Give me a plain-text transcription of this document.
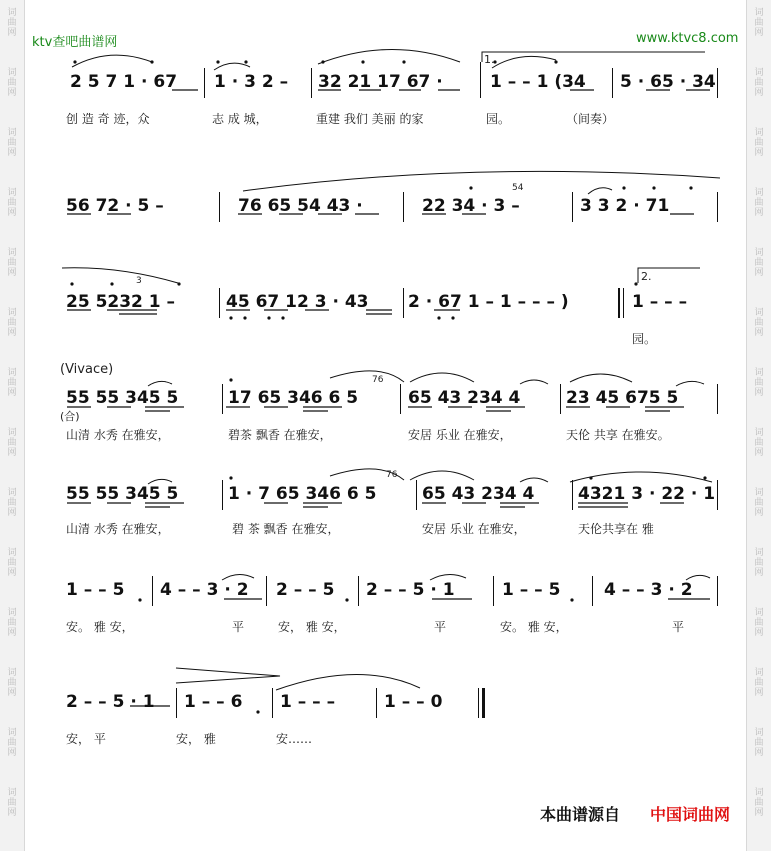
词
曲
网
词
曲
网
词
曲
网
词
曲
网
词
曲
网
词
曲
网
词
曲
网
词
曲
网
词
曲
网
词
曲
网
词
曲
网
词
曲
网
词
曲
网
词
曲
网
词
曲
网
词
曲
网
词
曲
网
词
曲
网
词
曲
网
词
曲
网
词
曲
网
词
曲
网
词
曲
网
词
曲
网
词
曲
网
词
曲
网
词
曲
网
词
曲
网
ktv查吧曲谱网	www.ktvc8.com
1.
2.
2 5 7 1 · 67 1 · 3 2 – 32 21 17 67 ·	1 – – 1 (34 5 · 65 · 34
创 造 奇 迹，众	志 成 城，	重建 我们 美丽 的家	园。	（间奏）
56 72 · 5 –	76 65 54 43 ·	22 34 · 3 –	3 3 2 · 71
54
25 5232 1 –	45 67 12 3 · 43 2 · 67 1 – 1 – – – )	1 – – –
3
园。
(Vivace)
55 55 345 5	17 65 346 6 5	65 43 234 4	23 45 675 5
76
(合)
山清 水秀 在雅安，	碧茶 飘香 在雅安，	安居 乐业 在雅安，	天伦 共享 在雅安。
55 55 345 5	1 · 7 65 346 6 5	65 43 234 4	4321 3 · 22 · 1
76
山清 水秀 在雅安，	碧 茶 飘香 在雅安，	安居 乐业 在雅安，	天伦共享在 雅
1 – – 5 4 – – 3 · 2 2 – – 5 2 – – 5 · 1	1 – – 5	4 – – 3 · 2
安。 雅 安，	平	安， 雅 安，	平	安。 雅 安，	平
2 – – 5 · 1 1 – – 6 1 – – –	1 – – 0
安， 平	安， 雅	安……
本曲谱源自 中国词曲网
